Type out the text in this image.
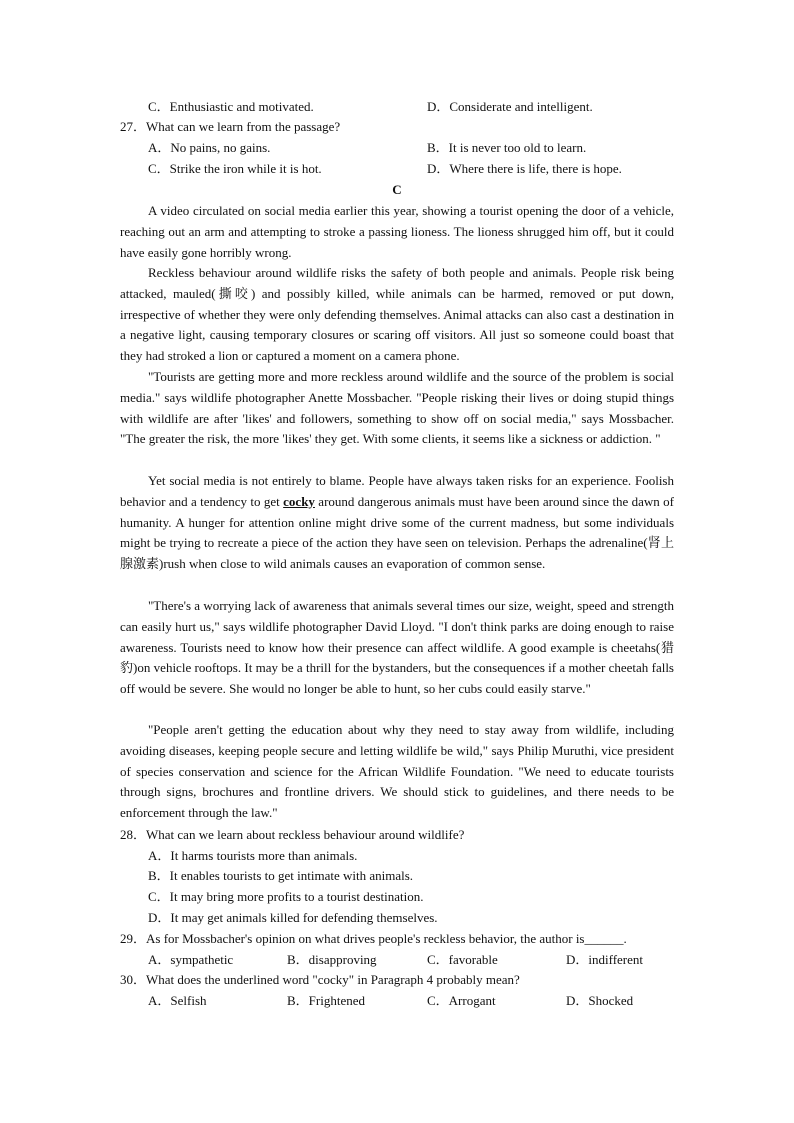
C．Enthusiastic and motivated.	D．Considerate and intelligent.
27．What can we learn from the passage?
A．No pains, no gains.	B．It is never too old to learn.
C．Strike the iron while it is hot.	D．Where there is life, there is hope.
C

A video circulated on social media earlier this year, showing a tourist opening the door of a vehicle, reaching out an arm and attempting to stroke a passing lioness. The lioness shrugged him off, but it could have easily gone horribly wrong.

Reckless behaviour around wildlife risks the safety of both people and animals. People risk being attacked, mauled(撕咬) and possibly killed, while animals can be harmed, removed or put down, irrespective of whether they were only defending themselves. Animal attacks can also cast a destination in a negative light, causing temporary closures or scaring off visitors. All just so someone could boast that they had stroked a lion or captured a moment on a camera phone.

"Tourists are getting more and more reckless around wildlife and the source of the problem is social media." says wildlife photographer Anette Mossbacher. "People risking their lives or doing stupid things with wildlife are after 'likes' and followers, something to show off on social media," says Mossbacher. "The greater the risk, the more 'likes' they get. With some clients, it seems like a sickness or addiction. "

Yet social media is not entirely to blame. People have always taken risks for an experience. Foolish behavior and a tendency to get cocky around dangerous animals must have been around since the dawn of humanity. A hunger for attention online might drive some of the current madness, but some individuals might be trying to recreate a piece of the action they have seen on television. Perhaps the adrenaline(肾上腺激素)rush when close to wild animals causes an evaporation of common sense.

"There's a worrying lack of awareness that animals several times our size, weight, speed and strength can easily hurt us," says wildlife photographer David Lloyd. "I don't think parks are doing enough to raise awareness. Tourists need to know how their presence can affect wildlife. A good example is cheetahs(猎豹)on vehicle rooftops. It may be a thrill for the bystanders, but the consequences if a mother cheetah falls off would be severe. She would no longer be able to hunt, so her cubs could easily starve."

"People aren't getting the education about why they need to stay away from wildlife, including avoiding diseases, keeping people secure and letting wildlife be wild," says Philip Muruthi, vice president of species conservation and science for the African Wildlife Foundation. "We need to educate tourists through signs, brochures and frontline drivers. We should stick to guidelines, and there needs to be enforcement through the law."

28．What can we learn about reckless behaviour around wildlife?
A．It harms tourists more than animals.
B．It enables tourists to get intimate with animals.
C．It may bring more profits to a tourist destination.
D．It may get animals killed for defending themselves.
29．As for Mossbacher's opinion on what drives people's reckless behavior, the author is______.
A．sympathetic	B．disapproving	C．favorable	D．indifferent
30．What does the underlined word "cocky" in Paragraph 4 probably mean?
A．Selfish	B．Frightened	C．Arrogant	D．Shocked
